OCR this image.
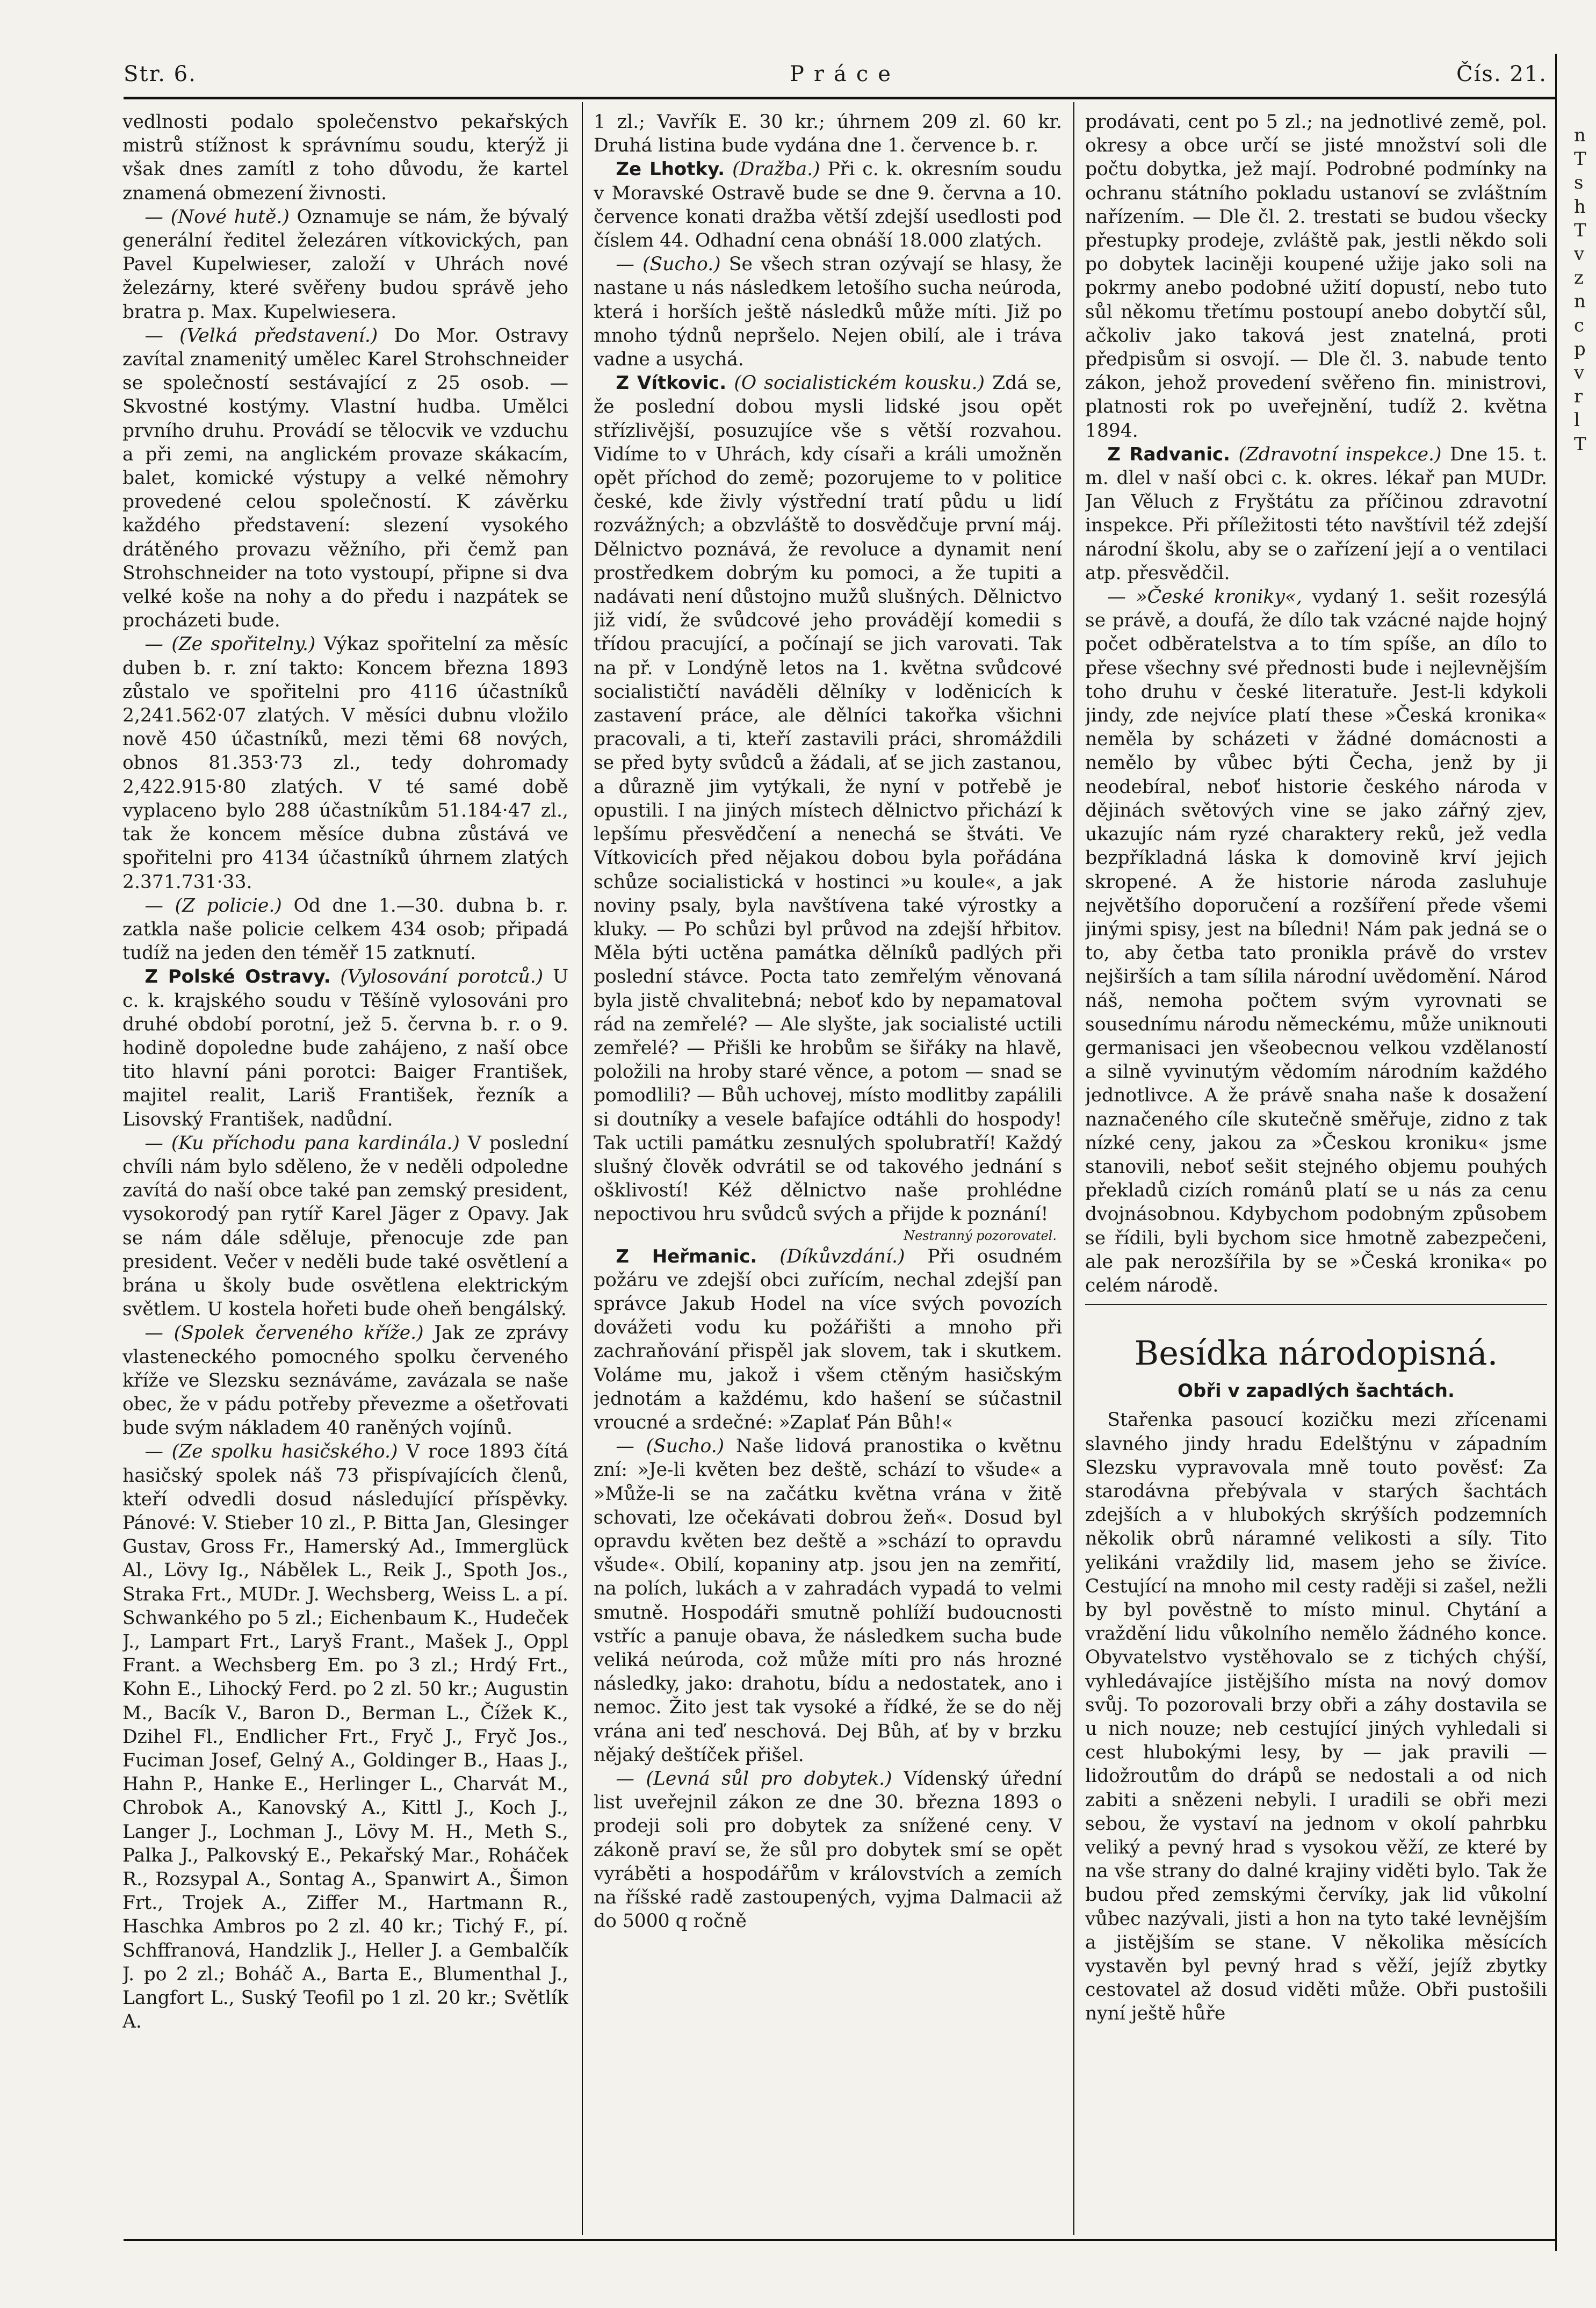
Str. 6.	Práce	Čís. 21.

vedlnosti podalo společenstvo pekařských mistrů stížnost k správnímu soudu, kterýž ji však dnes zamítl z toho důvodu, že kartel znamená obmezení živnosti.

— (Nové hutě.) Oznamuje se nám, že bývalý generální ředitel železáren vítkovických, pan Pavel Kupelwieser, založí v Uhrách nové železárny, které svěřeny budou správě jeho bratra p. Max. Kupelwiesera.

— (Velká představení.) Do Mor. Ostravy zavítal znamenitý umělec Karel Strohschneider se společností sestávající z 25 osob. — Skvostné kostýmy. Vlastní hudba. Umělci prvního druhu. Provádí se tělocvik ve vzduchu a při zemi, na anglickém provaze skákacím, balet, komické výstupy a velké němohry provedené celou společností. K závěrku každého představení: slezení vysokého drátěného provazu věžního, při čemž pan Strohschneider na toto vystoupí, připne si dva velké koše na nohy a do předu i nazpátek se procházeti bude.

— (Ze spořitelny.) Výkaz spořitelní za měsíc duben b. r. zní takto: Koncem března 1893 zůstalo ve spořitelni pro 4116 účastníků 2,241.562·07 zlatých. V měsíci dubnu vložilo nově 450 účastníků, mezi těmi 68 nových, obnos 81.353·73 zl., tedy dohromady 2,422.915·80 zlatých. V té samé době vyplaceno bylo 288 účastníkům 51.184·47 zl., tak že koncem měsíce dubna zůstává ve spořitelni pro 4134 účastníků úhrnem zlatých 2.371.731·33.

— (Z policie.) Od dne 1.—30. dubna b. r. zatkla naše policie celkem 434 osob; připadá tudíž na jeden den téměř 15 zatknutí.

Z Polské Ostravy. (Vylosování porotců.) U c. k. krajského soudu v Těšíně vylosováni pro druhé období porotní, jež 5. června b. r. o 9. hodině dopoledne bude zahájeno, z naší obce tito hlavní páni porotci: Baiger František, majitel realit, Lariš František, řezník a Lisovský František, nadůdní.

— (Ku příchodu pana kardinála.) V poslední chvíli nám bylo sděleno, že v neděli odpoledne zavítá do naší obce také pan zemský president, vysokorodý pan rytíř Karel Jäger z Opavy. Jak se nám dále sděluje, přenocuje zde pan president. Večer v neděli bude také osvětlení a brána u školy bude osvětlena elektrickým světlem. U kostela hořeti bude oheň bengálský.

— (Spolek červeného kříže.) Jak ze zprávy vlasteneckého pomocného spolku červeného kříže ve Slezsku seznáváme, zavázala se naše obec, že v pádu potřeby převezme a ošetřovati bude svým nákladem 40 raněných vojínů.

— (Ze spolku hasičského.) V roce 1893 čítá hasičský spolek náš 73 přispívajících členů, kteří odvedli dosud následující příspěvky. Pánové: V. Stieber 10 zl., P. Bitta Jan, Glesinger Gustav, Gross Fr., Hamerský Ad., Immerglück Al., Lövy Ig., Nábělek L., Reik J., Spoth Jos., Straka Frt., MUDr. J. Wechsberg, Weiss L. a pí. Schwankého po 5 zl.; Eichenbaum K., Hudeček J., Lampart Frt., Laryš Frant., Mašek J., Oppl Frant. a Wechsberg Em. po 3 zl.; Hrdý Frt., Kohn E., Lihocký Ferd. po 2 zl. 50 kr.; Augustin M., Bacík V., Baron D., Berman L., Čížek K., Dzihel Fl., Endlicher Frt., Fryč J., Fryč Jos., Fuciman Josef, Gelný A., Goldinger B., Haas J., Hahn P., Hanke E., Herlinger L., Charvát M., Chrobok A., Kanovský A., Kittl J., Koch J., Langer J., Lochman J., Lövy M. H., Meth S., Palka J., Palkovský E., Pekařský Mar., Roháček R., Rozsypal A., Sontag A., Spanwirt A., Šimon Frt., Trojek A., Ziffer M., Hartmann R., Haschka Ambros po 2 zl. 40 kr.; Tichý F., pí. Schffranová, Handzlik J., Heller J. a Gembalčík J. po 2 zl.; Boháč A., Barta E., Blumenthal J., Langfort L., Suský Teofil po 1 zl. 20 kr.; Světlík A.

1 zl.; Vavřík E. 30 kr.; úhrnem 209 zl. 60 kr. Druhá listina bude vydána dne 1. července b. r.

Ze Lhotky. (Dražba.) Při c. k. okresním soudu v Moravské Ostravě bude se dne 9. června a 10. července konati dražba větší zdejší usedlosti pod číslem 44. Odhadní cena obnáší 18.000 zlatých.

— (Sucho.) Se všech stran ozývají se hlasy, že nastane u nás následkem letošího sucha neúroda, která i horších ještě následků může míti. Již po mnoho týdnů nepršelo. Nejen obilí, ale i tráva vadne a usychá.

Z Vítkovic. (O socialistickém kousku.) Zdá se, že poslední dobou mysli lidské jsou opět střízlivější, posuzujíce vše s větší rozvahou. Vidíme to v Uhrách, kdy císaři a králi umožněn opět příchod do země; pozorujeme to v politice české, kde živly výstřední tratí půdu u lidí rozvážných; a obzvláště to dosvědčuje první máj. Dělnictvo poznává, že revoluce a dynamit není prostředkem dobrým ku pomoci, a že tupiti a nadávati není důstojno mužů slušných. Dělnictvo již vidí, že svůdcové jeho provádějí komedii s třídou pracující, a počínají se jich varovati. Tak na př. v Londýně letos na 1. května svůdcové socialističtí naváděli dělníky v loděnicích k zastavení práce, ale dělníci takořka všichni pracovali, a ti, kteří zastavili práci, shromáždili se před byty svůdců a žádali, ať se jich zastanou, a důrazně jim vytýkali, že nyní v potřebě je opustili. I na jiných místech dělnictvo přichází k lepšímu přesvědčení a nenechá se štváti. Ve Vítkovicích před nějakou dobou byla pořádána schůze socialistická v hostinci »u koule«, a jak noviny psaly, byla navštívena také výrostky a kluky. — Po schůzi byl průvod na zdejší hřbitov. Měla býti uctěna památka dělníků padlých při poslední stávce. Pocta tato zemřelým věnovaná byla jistě chvalitebná; neboť kdo by nepamatoval rád na zemřelé? — Ale slyšte, jak socialisté uctili zemřelé? — Přišli ke hrobům se šiřáky na hlavě, položili na hroby staré věnce, a potom — snad se pomodlili? — Bůh uchovej, místo modlitby zapálili si doutníky a vesele bafajíce odtáhli do hospody! Tak uctili památku zesnulých spolubratří! Každý slušný člověk odvrátil se od takového jednání s ošklivostí! Kéž dělnictvo naše prohlédne nepoctivou hru svůdců svých a přijde k poznání!

Nestranný pozorovatel.

Z Heřmanic. (Díkůvzdání.) Při osudném požáru ve zdejší obci zuřícím, nechal zdejší pan správce Jakub Hodel na více svých povozích dovážeti vodu ku požářišti a mnoho při zachraňování přispěl jak slovem, tak i skutkem. Voláme mu, jakož i všem ctěným hasičským jednotám a každému, kdo hašení se súčastnil vroucné a srdečné: »Zaplať Pán Bůh!«

— (Sucho.) Naše lidová pranostika o květnu zní: »Je-li květen bez deště, schází to všude« a »Může-li se na začátku května vrána v žitě schovati, lze očekávati dobrou žeň«. Dosud byl opravdu květen bez deště a »schází to opravdu všude«. Obilí, kopaniny atp. jsou jen na zemřití, na polích, lukách a v zahradách vypadá to velmi smutně. Hospodáři smutně pohlíží budoucnosti vstříc a panuje obava, že následkem sucha bude veliká neúroda, což může míti pro nás hrozné následky, jako: drahotu, bídu a nedostatek, ano i nemoc. Žito jest tak vysoké a řídké, že se do něj vrána ani teď neschová. Dej Bůh, ať by v brzku nějaký deštíček přišel.

— (Levná sůl pro dobytek.) Vídenský úřední list uveřejnil zákon ze dne 30. března 1893 o prodeji soli pro dobytek za snížené ceny. V zákoně praví se, že sůl pro dobytek smí se opět vyráběti a hospodářům v královstvích a zemích na říšské radě zastoupených, vyjma Dalmacii až do 5000 q ročně

prodávati, cent po 5 zl.; na jednotlivé země, pol. okresy a obce určí se jisté množství soli dle počtu dobytka, jež mají. Podrobné podmínky na ochranu státního pokladu ustanoví se zvláštním nařízením. — Dle čl. 2. trestati se budou všecky přestupky prodeje, zvláště pak, jestli někdo soli po dobytek laciněji koupené užije jako soli na pokrmy anebo podobné užití dopustí, nebo tuto sůl někomu třetímu postoupí anebo dobytčí sůl, ačkoliv jako taková jest znatelná, proti předpisům si osvojí. — Dle čl. 3. nabude tento zákon, jehož provedení svěřeno fin. ministrovi, platnosti rok po uveřejnění, tudíž 2. května 1894.

Z Radvanic. (Zdravotní inspekce.) Dne 15. t. m. dlel v naší obci c. k. okres. lékař pan MUDr. Jan Věluch z Fryštátu za příčinou zdravotní inspekce. Při příležitosti této navštívil též zdejší národní školu, aby se o zařízení její a o ventilaci atp. přesvědčil.

— »České kroniky«, vydaný 1. sešit rozesýlá se právě, a doufá, že dílo tak vzácné najde hojný počet odběratelstva a to tím spíše, an dílo to přese všechny své přednosti bude i nejlevnějším toho druhu v české literatuře. Jest-li kdykoli jindy, zde nejvíce platí these »Česká kronika« neměla by scházeti v žádné domácnosti a nemělo by vůbec býti Čecha, jenž by ji neodebíral, neboť historie českého národa v dějinách světových vine se jako zářný zjev, ukazujíc nám ryzé charaktery reků, jež vedla bezpříkladná láska k domovině krví jejich skropené. A že historie národa zasluhuje největšího doporučení a rozšíření přede všemi jinými spisy, jest na bíledni! Nám pak jedná se o to, aby četba tato pronikla právě do vrstev nejširších a tam sílila národní uvědomění. Národ náš, nemoha počtem svým vyrovnati se sousednímu národu německému, může uniknouti germanisaci jen všeobecnou velkou vzdělaností a silně vyvinutým vědomím národním každého jednotlivce. A že právě snaha naše k dosažení naznačeného cíle skutečně směřuje, zidno z tak nízké ceny, jakou za »Českou kroniku« jsme stanovili, neboť sešit stejného objemu pouhých překladů cizích románů platí se u nás za cenu dvojnásobnou. Kdybychom podobným způsobem se řídili, byli bychom sice hmotně zabezpečeni, ale pak nerozšířila by se »Česká kronika« po celém národě.

Besídka národopisná.
Obři v zapadlých šachtách.

Stařenka pasoucí kozičku mezi zřícenami slavného jindy hradu Edelštýnu v západním Slezsku vypravovala mně touto pověsť: Za starodávna přebývala v starých šachtách zdejších a v hlubokých skrýších podzemních několik obrů náramné velikosti a síly. Tito yelikáni vraždily lid, masem jeho se živíce. Cestující na mnoho mil cesty raději si zašel, nežli by byl pověstně to místo minul. Chytání a vraždění lidu vůkolního nemělo žádného konce. Obyvatelstvo vystěhovalo se z tichých chýší, vyhledávajíce jistějšího místa na nový domov svůj. To pozorovali brzy obři a záhy dostavila se u nich nouze; neb cestující jiných vyhledali si cest hlubokými lesy, by — jak pravili — lidožroutům do drápů se nedostali a od nich zabiti a snězeni nebyli. I uradili se obři mezi sebou, že vystaví na jednom v okolí pahrbku veliký a pevný hrad s vysokou věží, ze které by na vše strany do dalné krajiny viděti bylo. Tak že budou před zemskými červíky, jak lid vůkolní vůbec nazývali, jisti a hon na tyto také levnějším a jistějším se stane. V několika měsících vystavěn byl pevný hrad s věží, jejíž zbytky cestovatel až dosud viděti může. Obři pustošili nyní ještě hůře

n
T
s
h
T
v
z
n
c
p
v
r
l
T
